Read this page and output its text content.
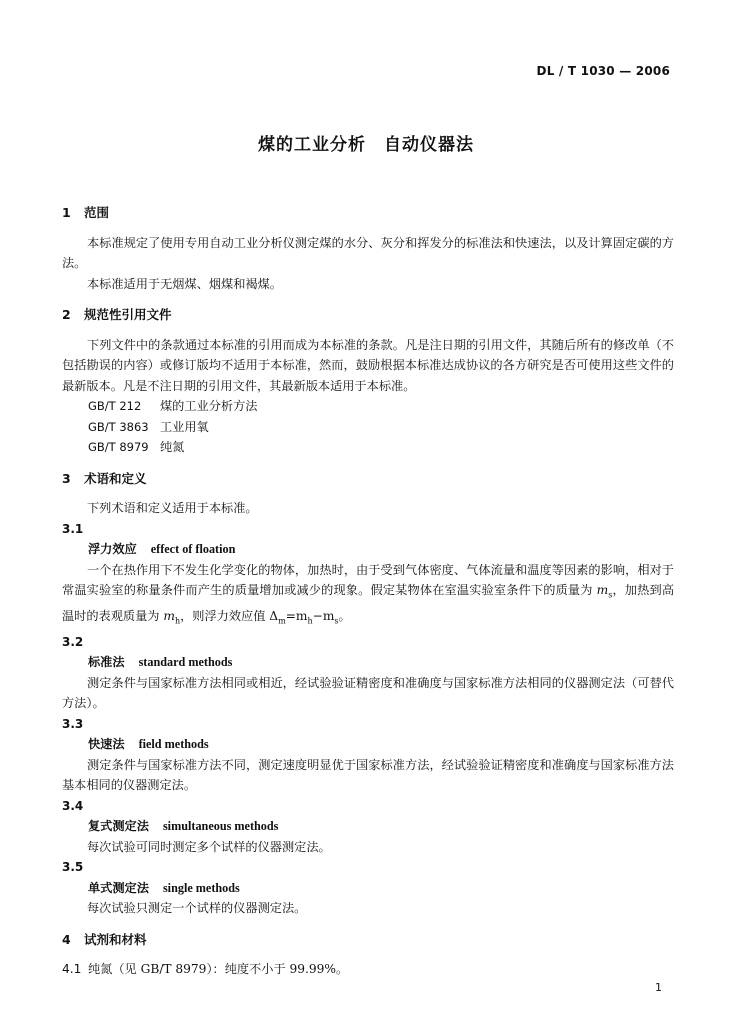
DL / T 1030 — 2006
煤的工业分析　自动仪器法

1 范围

本标准规定了使用专用自动工业分析仪测定煤的水分、灰分和挥发分的标准法和快速法，以及计算固定碳的方法。

本标准适用于无烟煤、烟煤和褐煤。

2 规范性引用文件

下列文件中的条款通过本标准的引用而成为本标准的条款。凡是注日期的引用文件，其随后所有的修改单（不包括勘误的内容）或修订版均不适用于本标准，然而，鼓励根据本标准达成协议的各方研究是否可使用这些文件的最新版本。凡是不注日期的引用文件，其最新版本适用于本标准。

GB/T 212 煤的工业分析方法

GB/T 3863 工业用氧

GB/T 8979 纯氮

3 术语和定义

下列术语和定义适用于本标准。

3.1

浮力效应 effect of floation

一个在热作用下不发生化学变化的物体，加热时，由于受到气体密度、气体流量和温度等因素的影响，相对于常温实验室的称量条件而产生的质量增加或减少的现象。假定某物体在室温实验室条件下的质量为 $m_s$，加热到高温时的表观质量为 $m_h$，则浮力效应值 $\Delta_m=m_h-m_s$。

3.2

标准法 standard methods

测定条件与国家标准方法相同或相近，经试验验证精密度和准确度与国家标准方法相同的仪器测定法（可替代方法）。

3.3

快速法 field methods

测定条件与国家标准方法不同，测定速度明显优于国家标准方法，经试验验证精密度和准确度与国家标准方法基本相同的仪器测定法。

3.4

复式测定法 simultaneous methods

每次试验可同时测定多个试样的仪器测定法。

3.5

单式测定法 single methods

每次试验只测定一个试样的仪器测定法。

4 试剂和材料

4.1 纯氮（见 GB/T 8979）：纯度不小于 99.99%。

1
